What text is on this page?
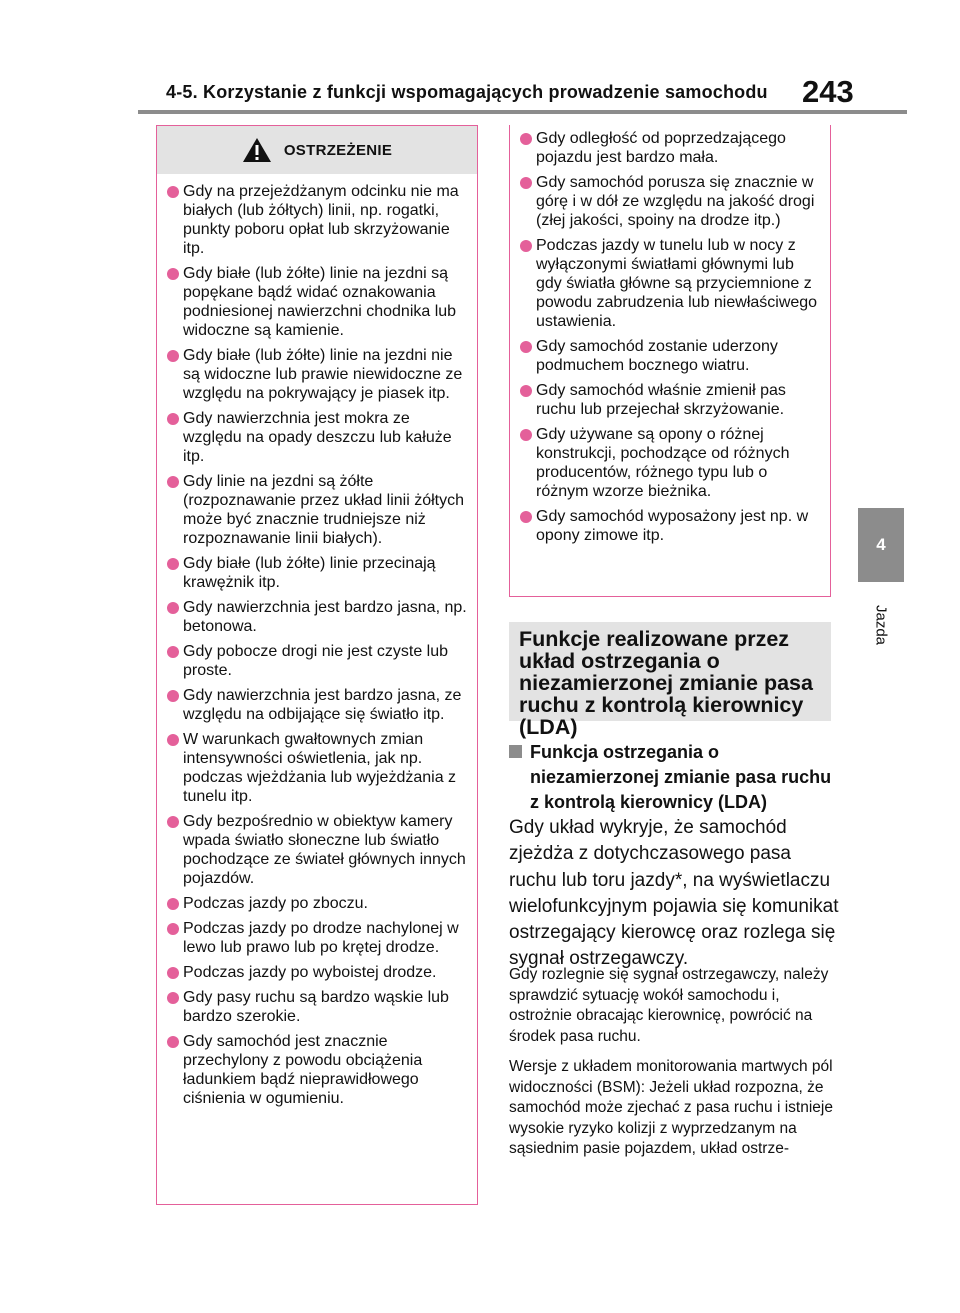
4-5. Korzystanie z funkcji wspomagających prowadzenie samochodu 243
4
Jazda
OSTRZEŻENIE
Gdy na przejeżdżanym odcinku nie ma białych (lub żółtych) linii, np. rogatki, punkty poboru opłat lub skrzyżowanie itp.
Gdy białe (lub żółte) linie na jezdni są popękane bądź widać oznakowania podniesionej nawierzchni chodnika lub widoczne są kamienie.
Gdy białe (lub żółte) linie na jezdni nie są widoczne lub prawie niewidoczne ze względu na pokrywający je piasek itp.
Gdy nawierzchnia jest mokra ze względu na opady deszczu lub kałuże itp.
Gdy linie na jezdni są żółte (rozpoznawanie przez układ linii żółtych może być znacznie trudniejsze niż rozpoznawanie linii białych).
Gdy białe (lub żółte) linie przecinają krawężnik itp.
Gdy nawierzchnia jest bardzo jasna, np. betonowa.
Gdy pobocze drogi nie jest czyste lub proste.
Gdy nawierzchnia jest bardzo jasna, ze względu na odbijające się światło itp.
W warunkach gwałtownych zmian intensywności oświetlenia, jak np. podczas wjeżdżania lub wyjeżdżania z tunelu itp.
Gdy bezpośrednio w obiektyw kamery wpada światło słoneczne lub światło pochodzące ze świateł głównych innych pojazdów.
Podczas jazdy po zboczu.
Podczas jazdy po drodze nachylonej w lewo lub prawo lub po krętej drodze.
Podczas jazdy po wyboistej drodze.
Gdy pasy ruchu są bardzo wąskie lub bardzo szerokie.
Gdy samochód jest znacznie przechylony z powodu obciążenia ładunkiem bądź nieprawidłowego ciśnienia w ogumieniu.
Gdy odległość od poprzedzającego pojazdu jest bardzo mała.
Gdy samochód porusza się znacznie w górę i w dół ze względu na jakość drogi (złej jakości, spoiny na drodze itp.)
Podczas jazdy w tunelu lub w nocy z wyłączonymi światłami głównymi lub gdy światła główne są przyciemnione z powodu zabrudzenia lub niewłaściwego ustawienia.
Gdy samochód zostanie uderzony podmuchem bocznego wiatru.
Gdy samochód właśnie zmienił pas ruchu lub przejechał skrzyżowanie.
Gdy używane są opony o różnej konstrukcji, pochodzące od różnych producentów, różnego typu lub o różnym wzorze bieżnika.
Gdy samochód wyposażony jest np. w opony zimowe itp.
Funkcje realizowane przez układ ostrzegania o niezamierzonej zmianie pasa ruchu z kontrolą kierownicy (LDA)
Funkcja ostrzegania o niezamierzonej zmianie pasa ruchu z kontrolą kierownicy (LDA)
Gdy układ wykryje, że samochód zjeżdża z dotychczasowego pasa ruchu lub toru jazdy*, na wyświetlaczu wielofunkcyjnym pojawia się komunikat ostrzegający kierowcę oraz rozlega się sygnał ostrzegawczy.
Gdy rozlegnie się sygnał ostrzegawczy, należy sprawdzić sytuację wokół samochodu i, ostrożnie obracając kierownicę, powrócić na środek pasa ruchu.
Wersje z układem monitorowania martwych pól widoczności (BSM): Jeżeli układ rozpozna, że samochód może zjechać z pasa ruchu i istnieje wysokie ryzyko kolizji z wyprzedzanym na sąsiednim pasie pojazdem, układ ostrze-
